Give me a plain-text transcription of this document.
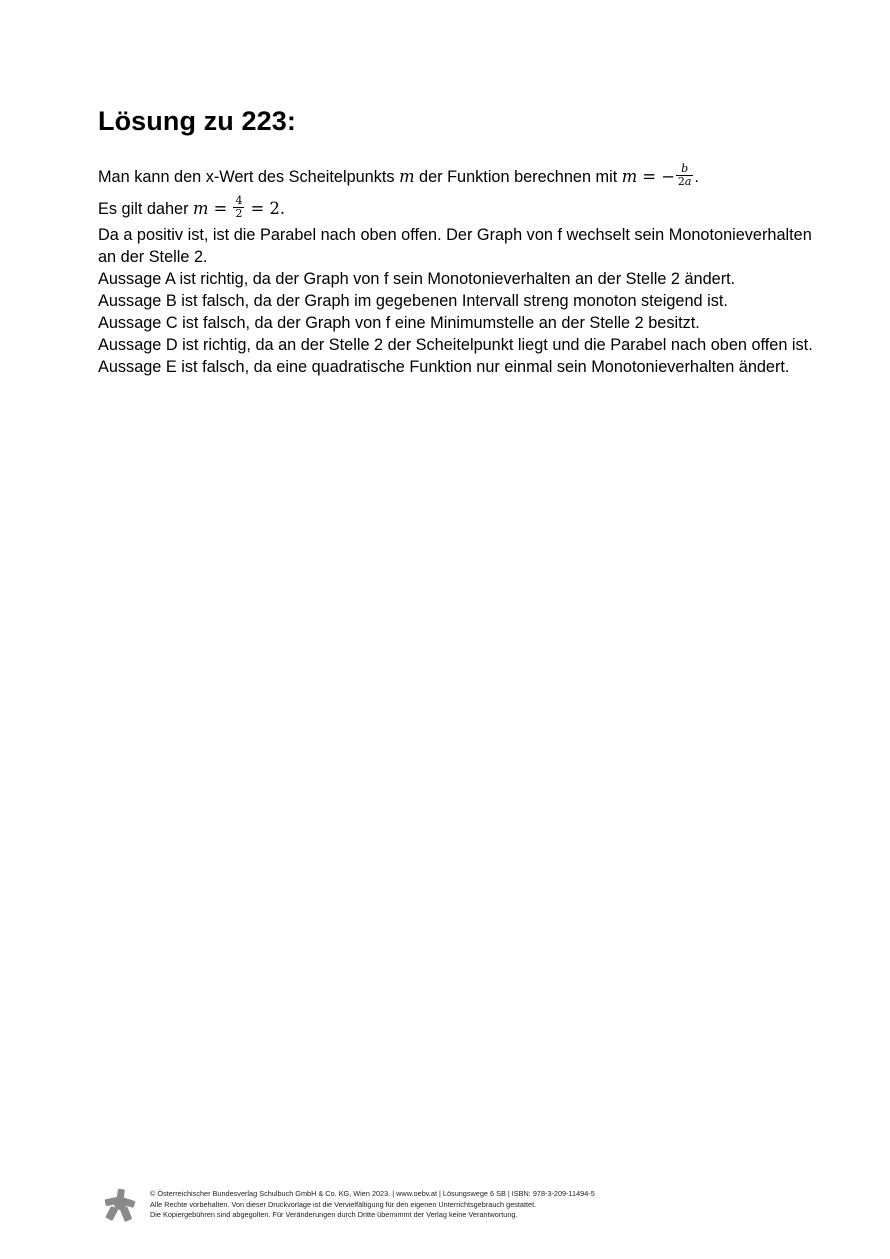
Lösung zu 223:
Man kann den x-Wert des Scheitelpunkts m der Funktion berechnen mit m = − $\frac{b}{2a}$ .
Es gilt daher $m = \frac{4}{2} = 2$.
Da a positiv ist, ist die Parabel nach oben offen. Der Graph von f wechselt sein Monotonieverhalten
an der Stelle 2.
Aussage A ist richtig, da der Graph von f sein Monotonieverhalten an der Stelle 2 ändert.
Aussage B ist falsch, da der Graph im gegebenen Intervall streng monoton steigend ist.
Aussage C ist falsch, da der Graph von f eine Minimumstelle an der Stelle 2 besitzt.
Aussage D ist richtig, da an der Stelle 2 der Scheitelpunkt liegt und die Parabel nach oben offen ist.
Aussage E ist falsch, da eine quadratische Funktion nur einmal sein Monotonieverhalten ändert.
© Österreichischer Bundesverlag Schulbuch GmbH & Co. KG, Wien 2023. | www.oebv.at | Lösungswege 6 SB | ISBN: 978-3-209-11494-5
Alle Rechte vorbehalten. Von dieser Druckvorlage ist die Vervielfältigung für den eigenen Unterrichtsgebrauch gestattet.
Die Kopiergebühren sind abgegolten. Für Veränderungen durch Dritte übernimmt der Verlag keine Verantwortung.
